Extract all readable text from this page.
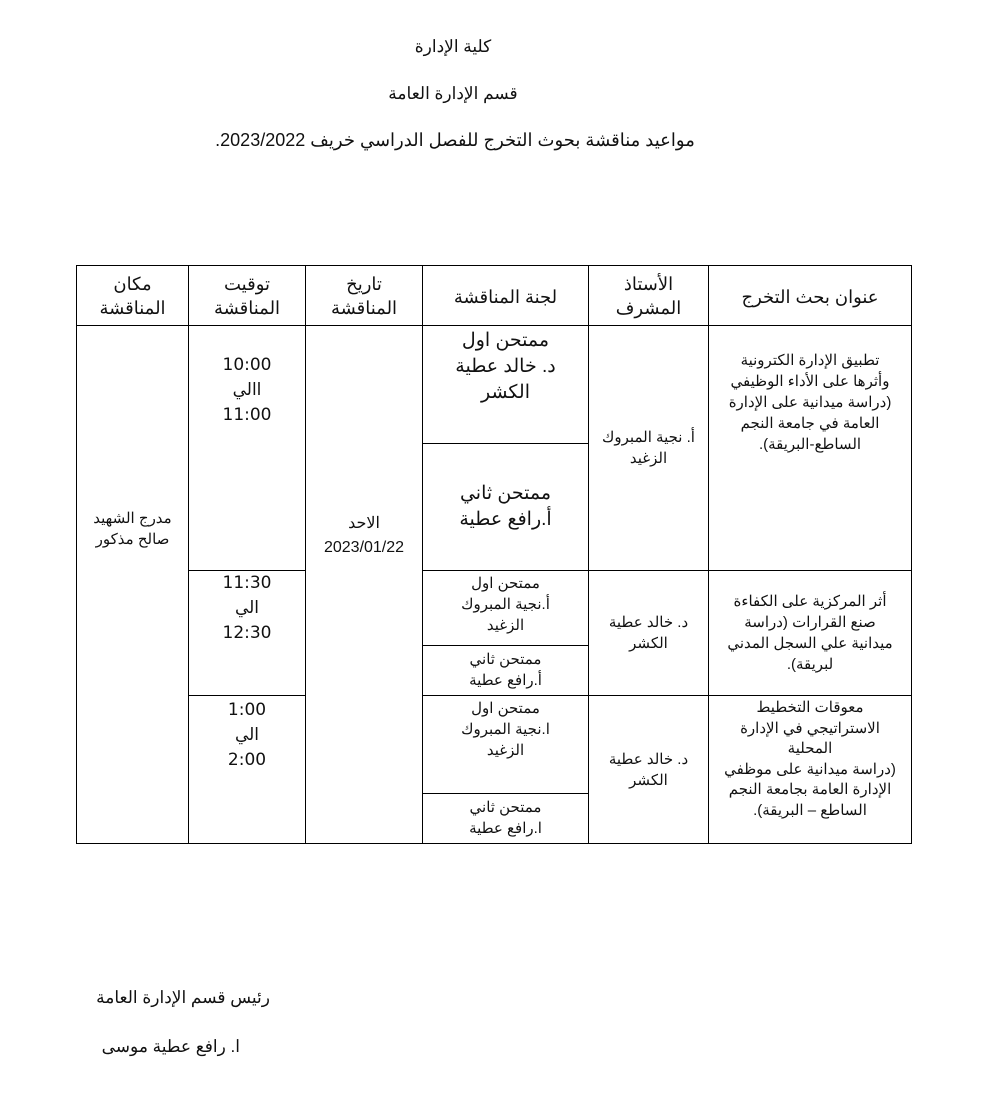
كلية الإدارة
قسم الإدارة العامة
مواعيد مناقشة بحوث التخرج للفصل الدراسي خريف 2023/2022.
مكان
المناقشة
توقيت
المناقشة
تاريخ
المناقشة
لجنة المناقشة
الأستاذ
المشرف
عنوان بحث التخرج
مدرج الشهيد
صالح مذكور
الاحد
2023/01/22
10:00
االي
11:00
ممتحن اول
د. خالد عطية
الكشر
ممتحن ثاني
أ.رافع عطية
أ. نجية المبروك
الزغيد
تطبيق الإدارة الكترونية
وأثرها على الأداء الوظيفي
(دراسة ميدانية على الإدارة
العامة في جامعة النجم
الساطع-البريقة).
11:30
الي
12:30
ممتحن اول
أ.نجية المبروك
الزغيد
ممتحن ثاني
أ.رافع عطية
د. خالد عطية
الكشر
أثر المركزية على الكفاءة
صنع القرارات (دراسة
ميدانية علي السجل المدني
لبريقة).
1:00
الي
2:00
ممتحن اول
ا.نجية المبروك
الزغيد
ممتحن ثاني
ا.رافع عطية
د. خالد عطية
الكشر
معوقات التخطيط
الاستراتيجي في الإدارة
المحلية
(دراسة ميدانية على موظفي
الإدارة العامة بجامعة النجم
الساطع – البريقة).
رئيس قسم الإدارة العامة
ا. رافع عطية موسى
